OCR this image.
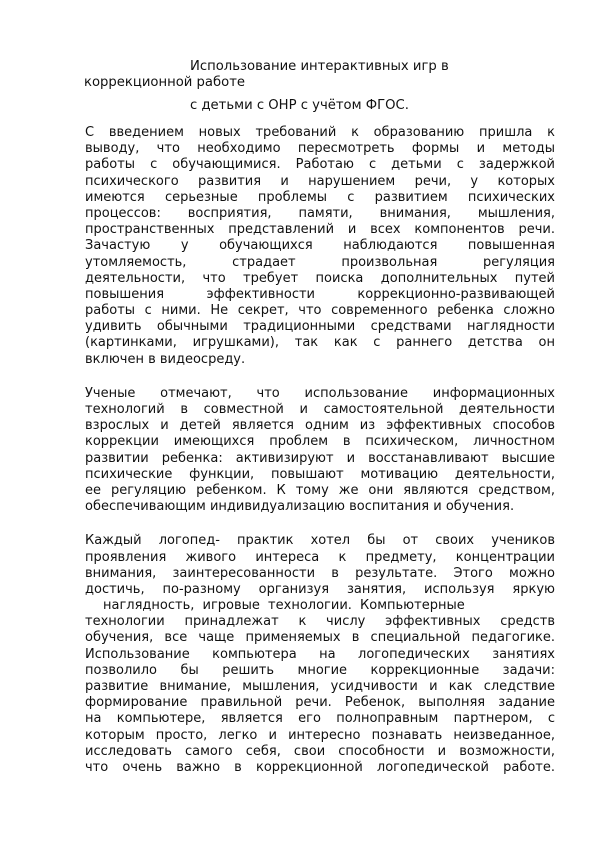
Использование интерактивных игр в
коррекционной работе
с детьми с ОНР с учётом ФГОС.
С введением новых требований к образованию пришла к
выводу, что необходимо пересмотреть формы и методы
работы с обучающимися. Работаю с детьми с задержкой
психического развития и нарушением речи, у которых
имеются серьезные проблемы с развитием психических
процессов: восприятия, памяти, внимания, мышления,
пространственных представлений и всех компонентов речи.
Зачастую у обучающихся наблюдаются повышенная
утомляемость, страдает произвольная регуляция
деятельности, что требует поиска дополнительных путей
повышения эффективности коррекционно-развивающей
работы с ними. Не секрет, что современного ребенка сложно
удивить обычными традиционными средствами наглядности
(картинками, игрушками), так как с раннего детства он
включен в видеосреду.
Ученые отмечают, что использование информационных
технологий в совместной и самостоятельной деятельности
взрослых и детей является одним из эффективных способов
коррекции имеющихся проблем в психическом, личностном
развитии ребенка: активизируют и восстанавливают высшие
психические функции, повышают мотивацию деятельности,
ее регуляцию ребенком. К тому же они являются средством,
обеспечивающим индивидуализацию воспитания и обучения.
Каждый логопед- практик хотел бы от своих учеников
проявления живого интереса к предмету, концентрации
внимания, заинтересованности в результате. Этого можно
достичь, по-разному организуя занятия, используя яркую
наглядность, игровые технологии. Компьютерные
технологии принадлежат к числу эффективных средств
обучения, все чаще применяемых в специальной педагогике.
Использование компьютера на логопедических занятиях
позволило бы решить многие коррекционные задачи:
развитие внимание, мышления, усидчивости и как следствие
формирование правильной речи. Ребенок, выполняя задание
на компьютере, является его полноправным партнером, с
которым просто, легко и интересно познавать неизведанное,
исследовать самого себя, свои способности и возможности,
что очень важно в коррекционной логопедической работе.
